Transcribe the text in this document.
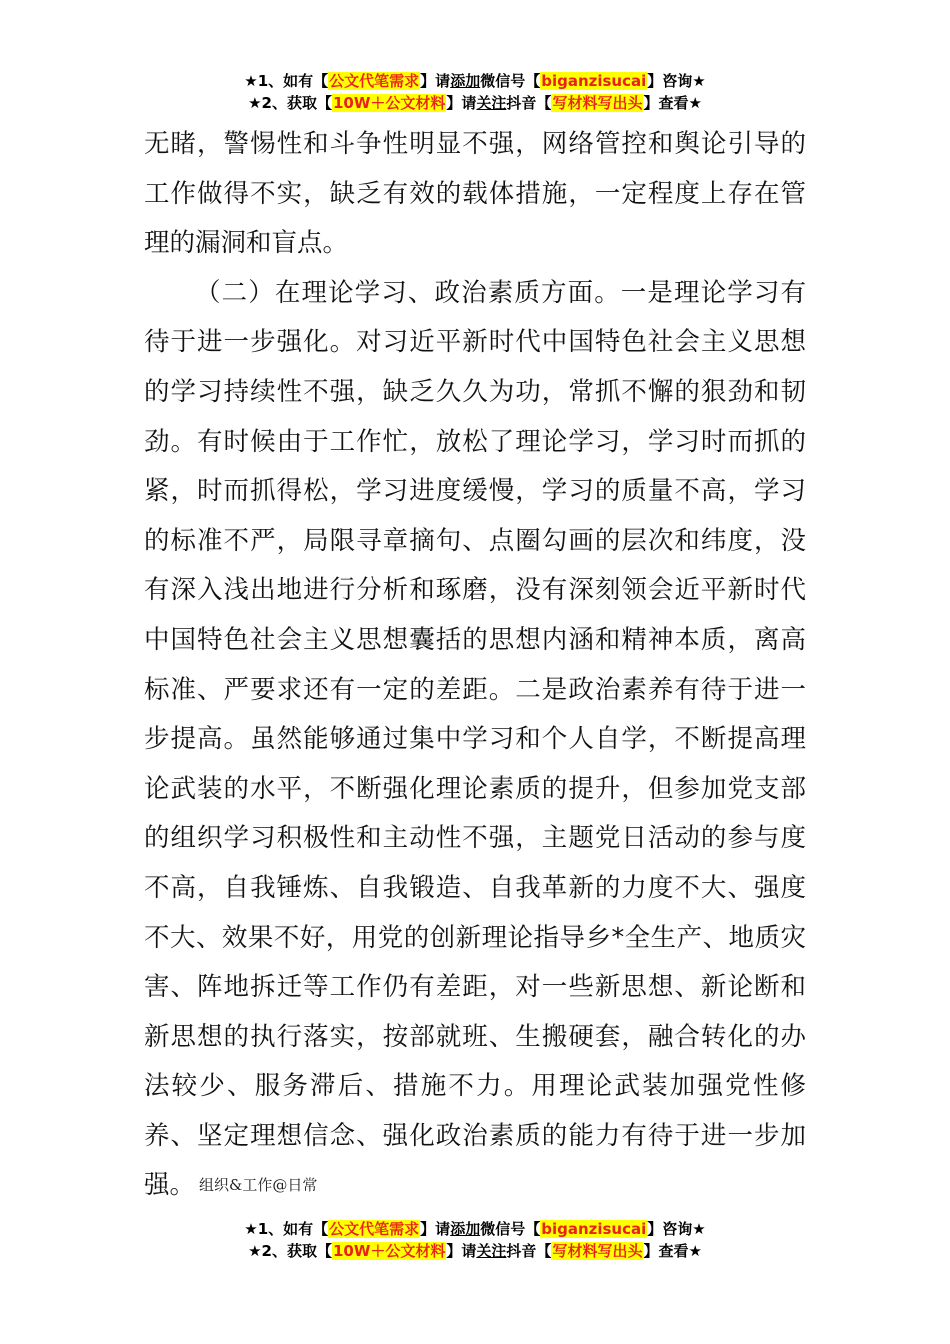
★1、如有【公文代笔需求】请添加微信号【biganzisucai】咨询★
★2、获取【10W＋公文材料】请关注抖音【写材料写出头】查看★

无睹，警惕性和斗争性明显不强，网络管控和舆论引导的工作做得不实，缺乏有效的载体措施，一定程度上存在管理的漏洞和盲点。

（二）在理论学习、政治素质方面。一是理论学习有待于进一步强化。对习近平新时代中国特色社会主义思想的学习持续性不强，缺乏久久为功，常抓不懈的狠劲和韧劲。有时候由于工作忙，放松了理论学习，学习时而抓的紧，时而抓得松，学习进度缓慢，学习的质量不高，学习的标准不严，局限寻章摘句、点圈勾画的层次和纬度，没有深入浅出地进行分析和琢磨，没有深刻领会近平新时代中国特色社会主义思想囊括的思想内涵和精神本质，离高标准、严要求还有一定的差距。二是政治素养有待于进一步提高。虽然能够通过集中学习和个人自学，不断提高理论武装的水平，不断强化理论素质的提升，但参加党支部的组织学习积极性和主动性不强，主题党日活动的参与度不高，自我锤炼、自我锻造、自我革新的力度不大、强度不大、效果不好，用党的创新理论指导乡*全生产、地质灾害、阵地拆迁等工作仍有差距，对一些新思想、新论断和新思想的执行落实，按部就班、生搬硬套，融合转化的办法较少、服务滞后、措施不力。用理论武装加强党性修养、坚定理想信念、强化政治素质的能力有待于进一步加强。 组织&工作@日常

★1、如有【公文代笔需求】请添加微信号【biganzisucai】咨询★
★2、获取【10W＋公文材料】请关注抖音【写材料写出头】查看★
